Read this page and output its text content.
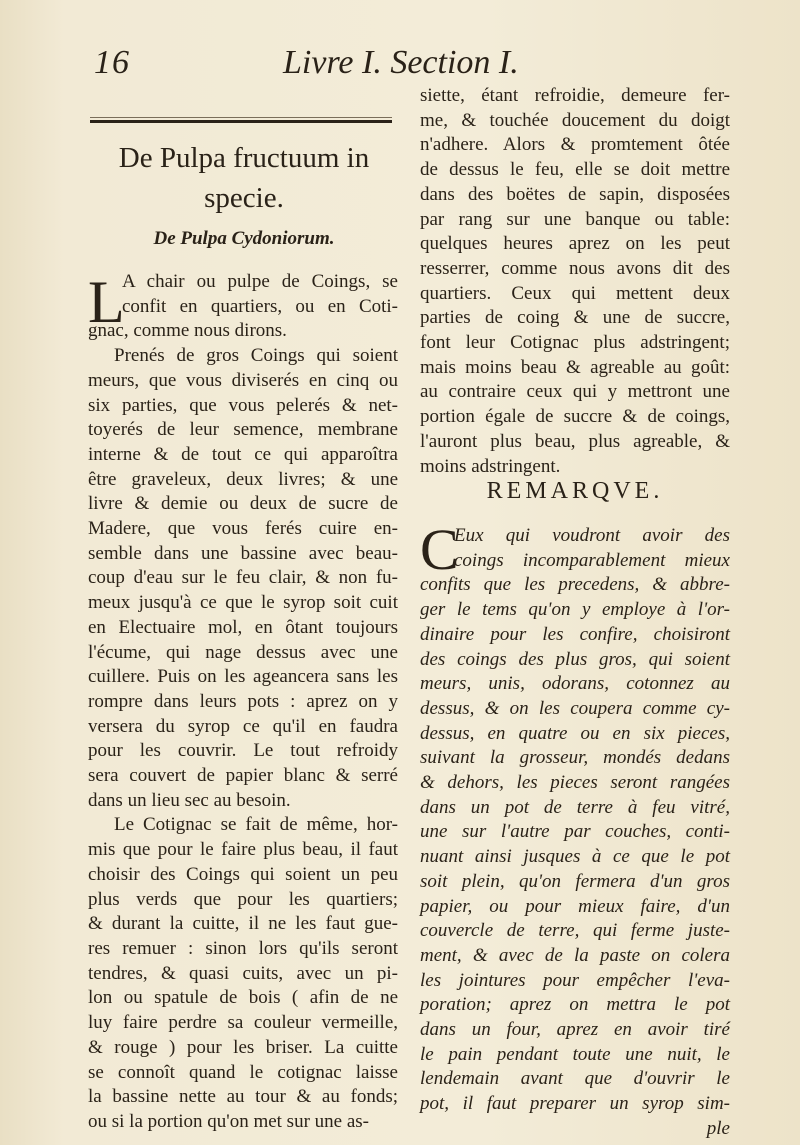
16	Livre I. Section I.
De Pulpa fructuum in
specie.
De Pulpa Cydoniorum.
L
A chair ou pulpe de Coings, se
confit en quartiers, ou en Coti-
gnac, comme nous dirons.
Prenés de gros Coings qui soient
meurs, que vous diviserés en cinq ou
six parties, que vous pelerés & net-
toyerés de leur semence, membrane
interne & de tout ce qui apparoîtra
être graveleux, deux livres; & une
livre & demie ou deux de sucre de
Madere, que vous ferés cuire en-
semble dans une bassine avec beau-
coup d'eau sur le feu clair, & non fu-
meux jusqu'à ce que le syrop soit cuit
en Electuaire mol, en ôtant toujours
l'écume, qui nage dessus avec une
cuillere. Puis on les ageancera sans les
rompre dans leurs pots : aprez on y
versera du syrop ce qu'il en faudra
pour les couvrir. Le tout refroidy
sera couvert de papier blanc & serré
dans un lieu sec au besoin.
Le Cotignac se fait de même, hor-
mis que pour le faire plus beau, il faut
choisir des Coings qui soient un peu
plus verds que pour les quartiers;
& durant la cuitte, il ne les faut gue-
res remuer : sinon lors qu'ils seront
tendres, & quasi cuits, avec un pi-
lon ou spatule de bois ( afin de ne
luy faire perdre sa couleur vermeille,
& rouge ) pour les briser. La cuitte
se connoît quand le cotignac laisse
la bassine nette au tour & au fonds;
ou si la portion qu'on met sur une as-
siette, étant refroidie, demeure fer-
me, & touchée doucement du doigt
n'adhere. Alors & promtement ôtée
de dessus le feu, elle se doit mettre
dans des boëtes de sapin, disposées
par rang sur une banque ou table:
quelques heures aprez on les peut
resserrer, comme nous avons dit des
quartiers. Ceux qui mettent deux
parties de coing & une de succre,
font leur Cotignac plus adstringent;
mais moins beau & agreable au goût:
au contraire ceux qui y mettront une
portion égale de succre & de coings,
l'auront plus beau, plus agreable, &
moins adstringent.
REMARQVE.
C
Eux qui voudront avoir des
coings incomparablement mieux
confits que les precedens, & abbre-
ger le tems qu'on y employe à l'or-
dinaire pour les confire, choisiront
des coings des plus gros, qui soient
meurs, unis, odorans, cotonnez au
dessus, & on les coupera comme cy-
dessus, en quatre ou en six pieces,
suivant la grosseur, mondés dedans
& dehors, les pieces seront rangées
dans un pot de terre à feu vitré,
une sur l'autre par couches, conti-
nuant ainsi jusques à ce que le pot
soit plein, qu'on fermera d'un gros
papier, ou pour mieux faire, d'un
couvercle de terre, qui ferme juste-
ment, & avec de la paste on colera
les jointures pour empêcher l'eva-
poration; aprez on mettra le pot
dans un four, aprez en avoir tiré
le pain pendant toute une nuit, le
lendemain avant que d'ouvrir le
pot, il faut preparer un syrop sim-
ple
